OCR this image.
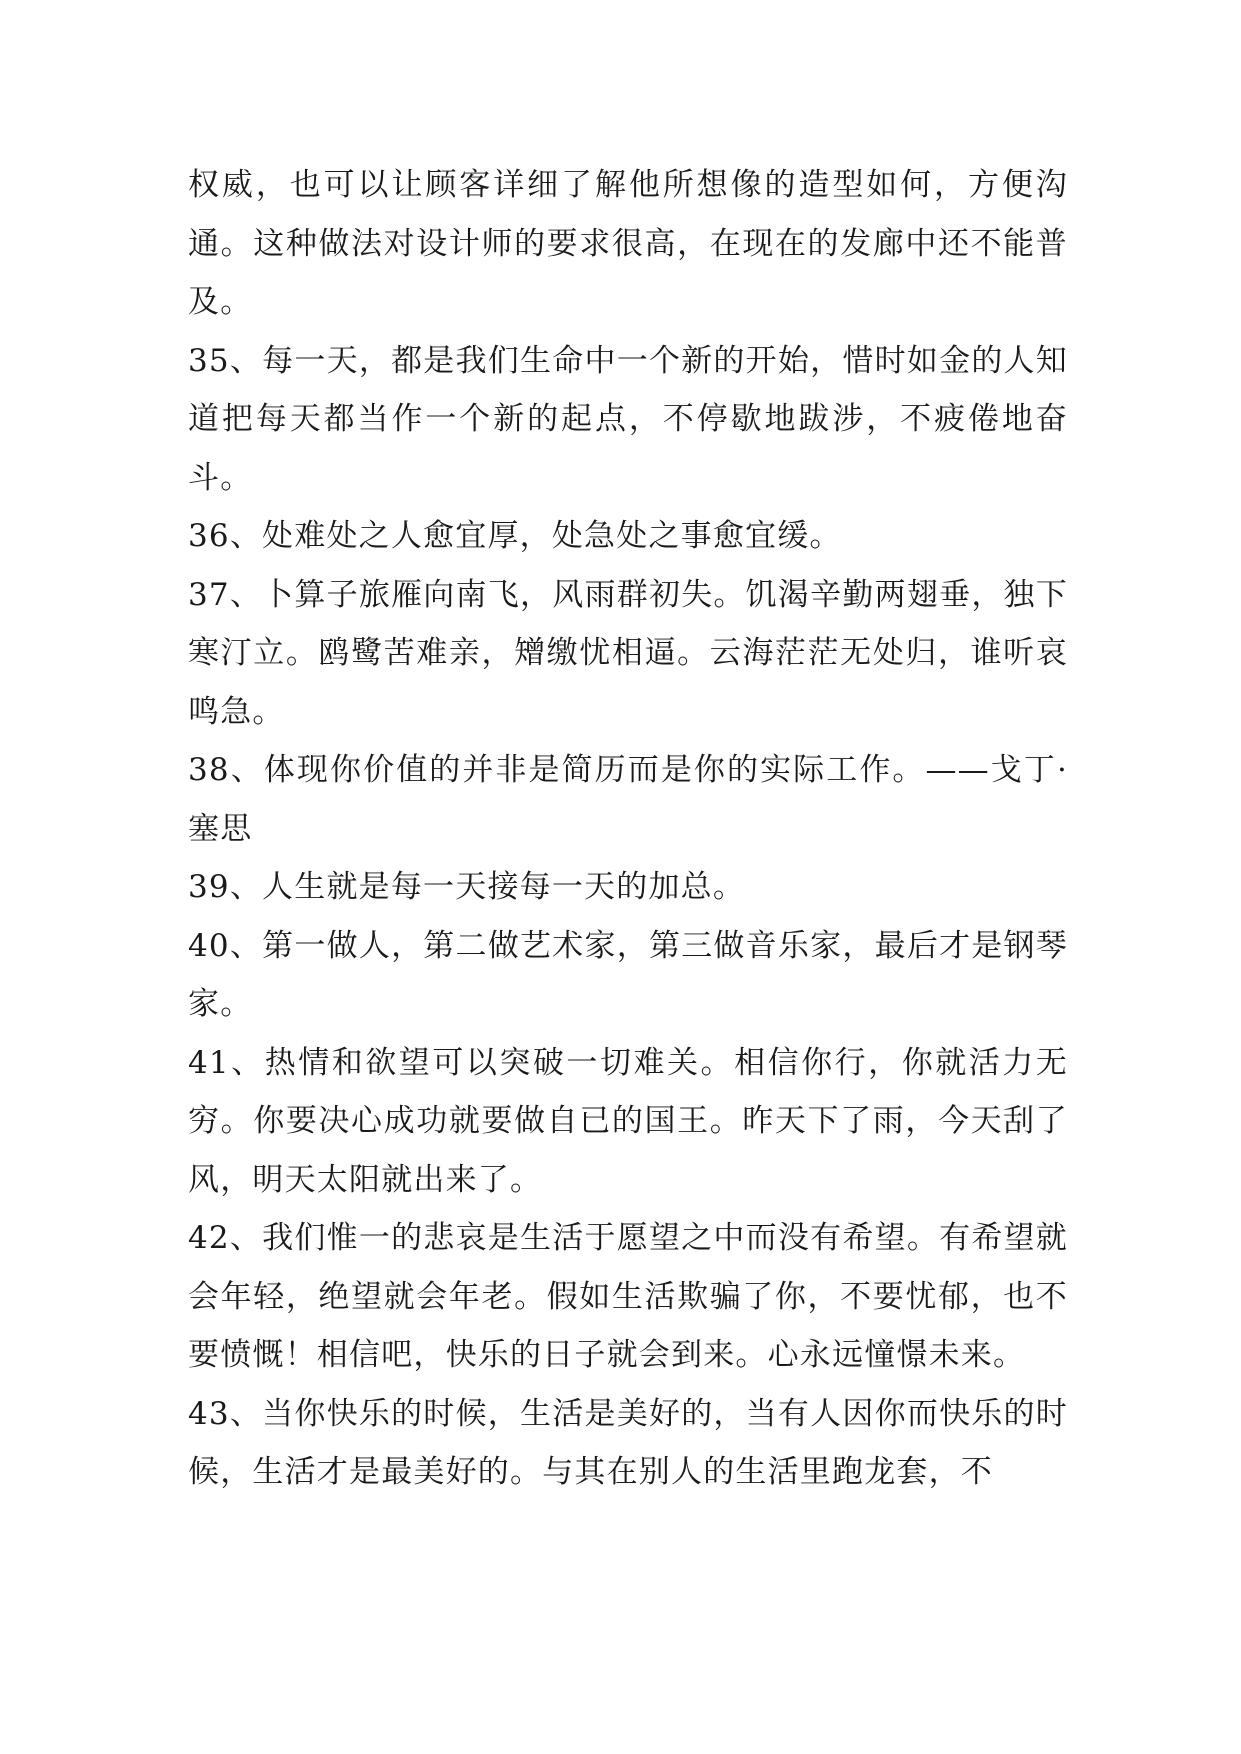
权威，也可以让顾客详细了解他所想像的造型如何，方便沟通。这种做法对设计师的要求很高，在现在的发廊中还不能普及。

35、每一天，都是我们生命中一个新的开始，惜时如金的人知道把每天都当作一个新的起点，不停歇地跋涉，不疲倦地奋斗。

36、处难处之人愈宜厚，处急处之事愈宜缓。

37、卜算子旅雁向南飞，风雨群初失。饥渴辛勤两翅垂，独下寒汀立。鸥鹭苦难亲，矰缴忧相逼。云海茫茫无处归，谁听哀鸣急。

38、体现你价值的并非是简历而是你的实际工作。——戈丁·塞思

39、人生就是每一天接每一天的加总。

40、第一做人，第二做艺术家，第三做音乐家，最后才是钢琴家。

41、热情和欲望可以突破一切难关。相信你行，你就活力无穷。你要决心成功就要做自已的国王。昨天下了雨，今天刮了风，明天太阳就出来了。

42、我们惟一的悲哀是生活于愿望之中而没有希望。有希望就会年轻，绝望就会年老。假如生活欺骗了你，不要忧郁，也不要愤慨！相信吧，快乐的日子就会到来。心永远憧憬未来。

43、当你快乐的时候，生活是美好的，当有人因你而快乐的时候，生活才是最美好的。与其在别人的生活里跑龙套，不
